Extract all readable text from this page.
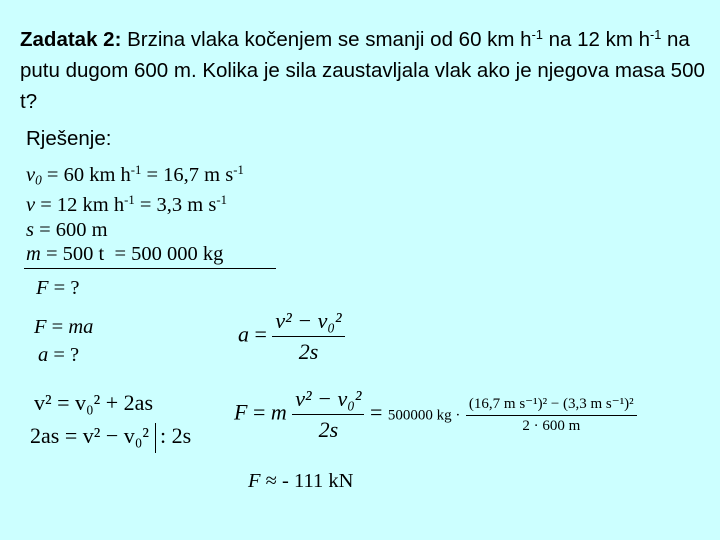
Zadatak 2: Brzina vlaka kočenjem se smanji od 60 km $h^{-1}$ na 12 km $h^{-1}$ na putu dugom 600 m. Kolika je sila zaustavljala vlak ako je njegova masa 500 t?
Rješenje:
$v_0 = 60$ km $h^{-1} = 16,7$ m $s^{-1}$
v = 12 km $h^{-1} = 3,3$ m $s^{-1}$
s = 600 m
m = 500 t  = 500 000 kg
F = ?
F = ma
a = ?
$a = \frac{\text{v² − v₀²}}{2s}$
v² = v₀² + 2as
2as = v² − v₀² : 2s
F = m $\frac{\text{v² − v₀²}}{2s} = 500000$ kg · $\frac{\text{(16,7 m s⁻¹)² − (3,3 m s⁻¹)²}}{2 \cdot 600 m}$
F ≈ - 111 kN
